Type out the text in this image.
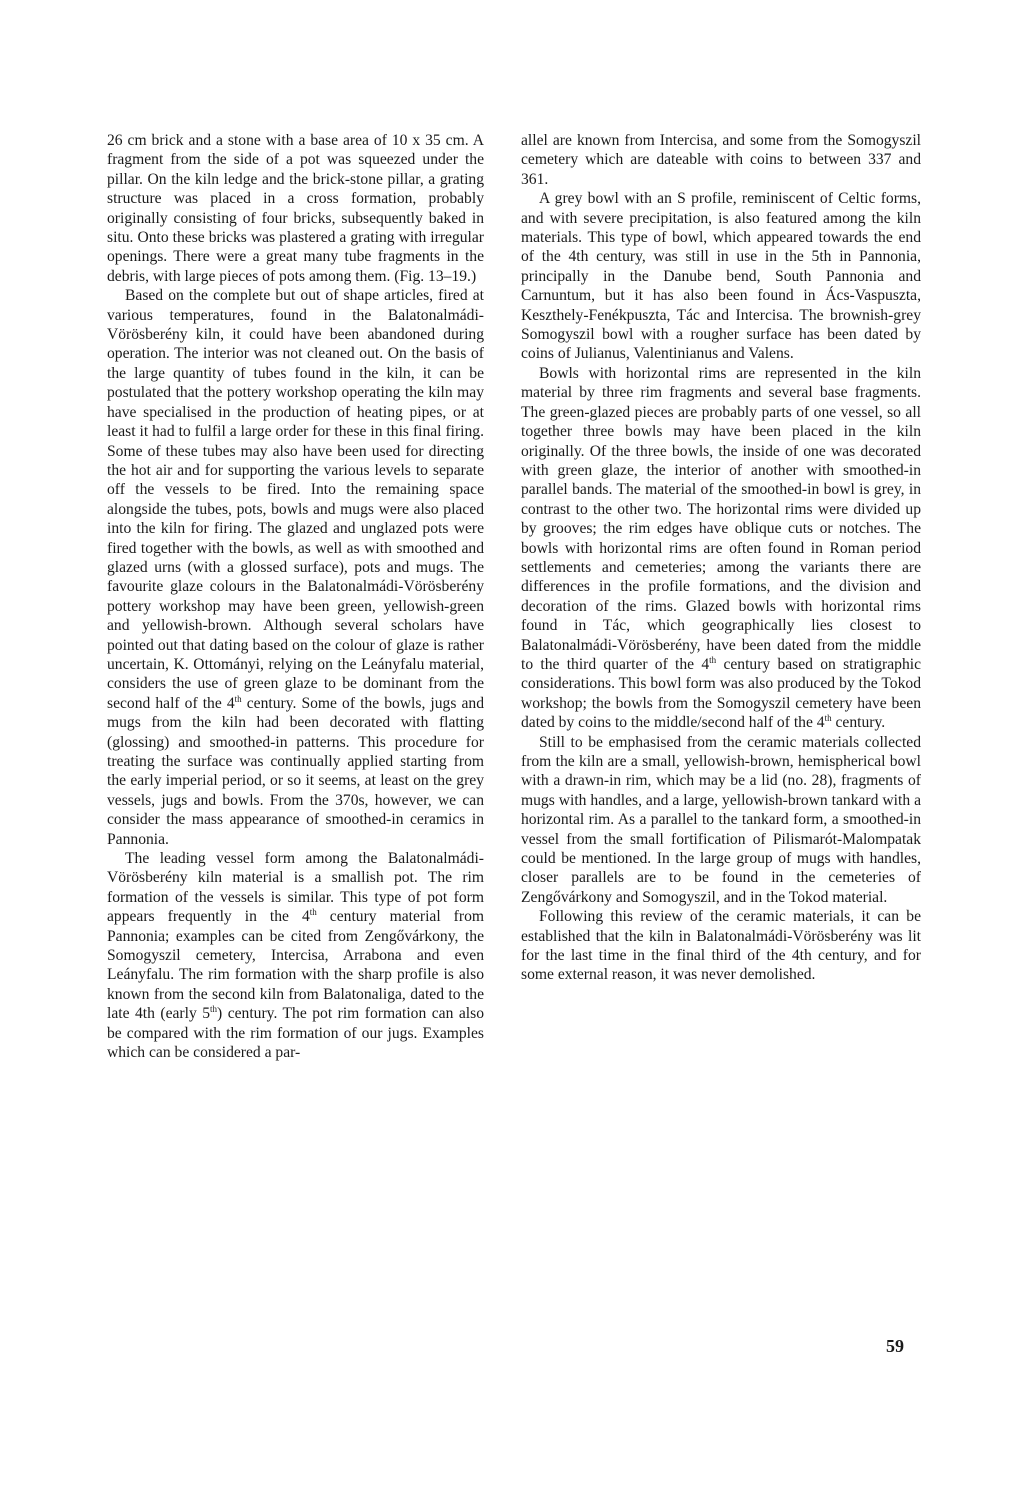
26 cm brick and a stone with a base area of 10 x 35 cm. A fragment from the side of a pot was squeezed under the pillar. On the kiln ledge and the brick-stone pillar, a grating structure was placed in a cross formation, probably originally consisting of four bricks, subsequently baked in situ. Onto these bricks was plastered a grating with irregular openings. There were a great many tube fragments in the debris, with large pieces of pots among them. (Fig. 13–19.)

Based on the complete but out of shape articles, fired at various temperatures, found in the Balatonalmádi-Vörösberény kiln, it could have been abandoned during operation. The interior was not cleaned out. On the basis of the large quantity of tubes found in the kiln, it can be postulated that the pottery workshop operating the kiln may have specialised in the production of heating pipes, or at least it had to fulfil a large order for these in this final firing. Some of these tubes may also have been used for directing the hot air and for supporting the various levels to separate off the vessels to be fired. Into the remaining space alongside the tubes, pots, bowls and mugs were also placed into the kiln for firing. The glazed and unglazed pots were fired together with the bowls, as well as with smoothed and glazed urns (with a glossed surface), pots and mugs. The favourite glaze colours in the Balatonalmádi-Vörösberény pottery workshop may have been green, yellowish-green and yellowish-brown. Although several scholars have pointed out that dating based on the colour of glaze is rather uncertain, K. Ottományi, relying on the Leányfalu material, considers the use of green glaze to be dominant from the second half of the 4th century. Some of the bowls, jugs and mugs from the kiln had been decorated with flatting (glossing) and smoothed-in patterns. This procedure for treating the surface was continually applied starting from the early imperial period, or so it seems, at least on the grey vessels, jugs and bowls. From the 370s, however, we can consider the mass appearance of smoothed-in ceramics in Pannonia.

The leading vessel form among the Balatonalmádi-Vörösberény kiln material is a smallish pot. The rim formation of the vessels is similar. This type of pot form appears frequently in the 4th century material from Pannonia; examples can be cited from Zengővárkony, the Somogyszil cemetery, Intercisa, Arrabona and even Leányfalu. The rim formation with the sharp profile is also known from the second kiln from Balatonaliga, dated to the late 4th (early 5th) century. The pot rim formation can also be compared with the rim formation of our jugs. Examples which can be considered a par-

allel are known from Intercisa, and some from the Somogyszil cemetery which are dateable with coins to between 337 and 361.

A grey bowl with an S profile, reminiscent of Celtic forms, and with severe precipitation, is also featured among the kiln materials. This type of bowl, which appeared towards the end of the 4th century, was still in use in the 5th in Pannonia, principally in the Danube bend, South Pannonia and Carnuntum, but it has also been found in Ács-Vaspuszta, Keszthely-Fenékpuszta, Tác and Intercisa. The brownish-grey Somogyszil bowl with a rougher surface has been dated by coins of Julianus, Valentinianus and Valens.

Bowls with horizontal rims are represented in the kiln material by three rim fragments and several base fragments. The green-glazed pieces are probably parts of one vessel, so all together three bowls may have been placed in the kiln originally. Of the three bowls, the inside of one was decorated with green glaze, the interior of another with smoothed-in parallel bands. The material of the smoothed-in bowl is grey, in contrast to the other two. The horizontal rims were divided up by grooves; the rim edges have oblique cuts or notches. The bowls with horizontal rims are often found in Roman period settlements and cemeteries; among the variants there are differences in the profile formations, and the division and decoration of the rims. Glazed bowls with horizontal rims found in Tác, which geographically lies closest to Balatonalmádi-Vörösberény, have been dated from the middle to the third quarter of the 4th century based on stratigraphic considerations. This bowl form was also produced by the Tokod workshop; the bowls from the Somogyszil cemetery have been dated by coins to the middle/second half of the 4th century.

Still to be emphasised from the ceramic materials collected from the kiln are a small, yellowish-brown, hemispherical bowl with a drawn-in rim, which may be a lid (no. 28), fragments of mugs with handles, and a large, yellowish-brown tankard with a horizontal rim. As a parallel to the tankard form, a smoothed-in vessel from the small fortification of Pilismarót-Malompatak could be mentioned. In the large group of mugs with handles, closer parallels are to be found in the cemeteries of Zengővárkony and Somogyszil, and in the Tokod material.

Following this review of the ceramic materials, it can be established that the kiln in Balatonalmádi-Vörösberény was lit for the last time in the final third of the 4th century, and for some external reason, it was never demolished.

59
